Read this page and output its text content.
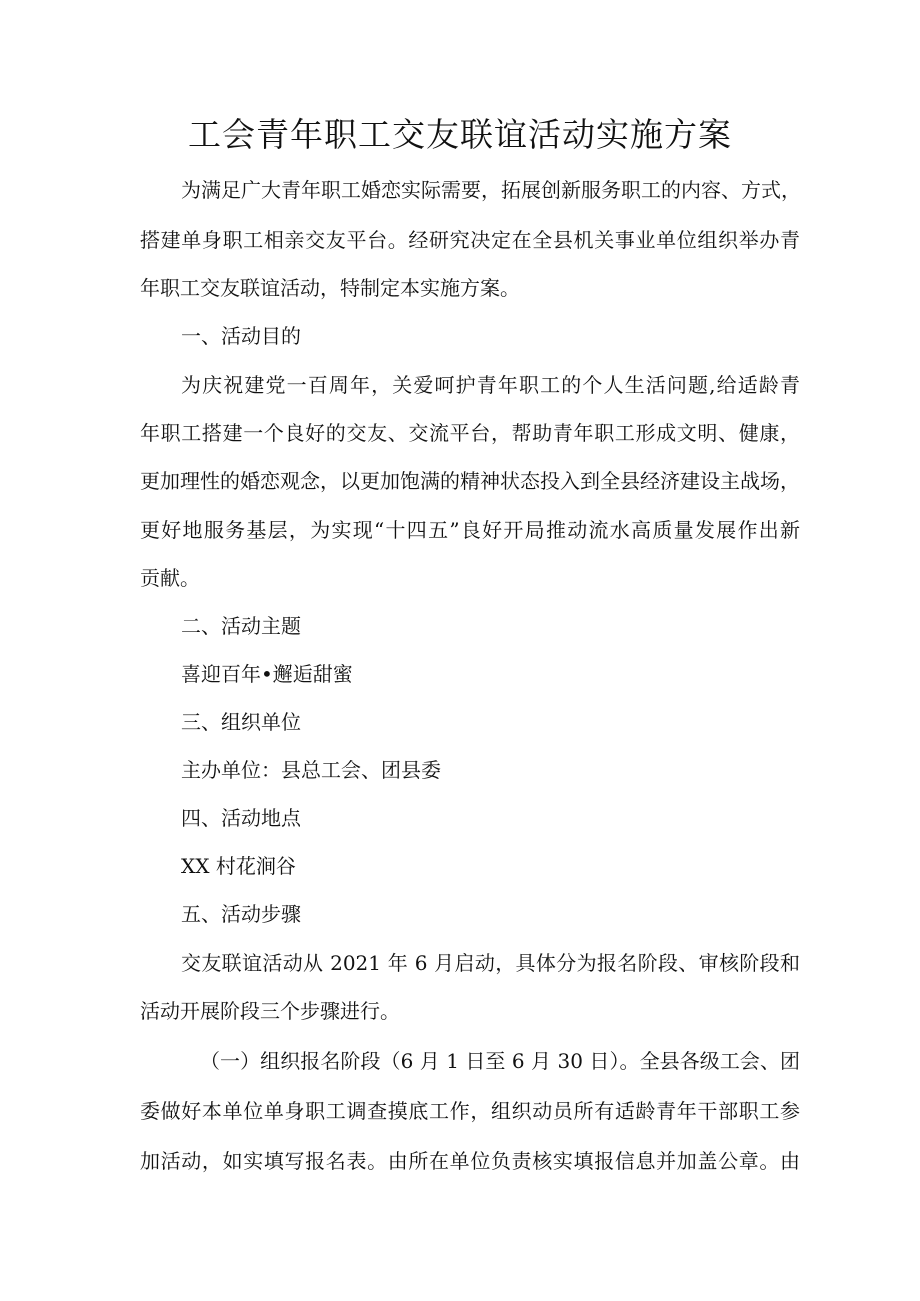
工会青年职工交友联谊活动实施方案
为满足广大青年职工婚恋实际需要，拓展创新服务职工的内容、方式，
搭建单身职工相亲交友平台。经研究决定在全县机关事业单位组织举办青
年职工交友联谊活动，特制定本实施方案。
一、活动目的
为庆祝建党一百周年，关爱呵护青年职工的个人生活问题,给适龄青
年职工搭建一个良好的交友、交流平台，帮助青年职工形成文明、健康，
更加理性的婚恋观念，以更加饱满的精神状态投入到全县经济建设主战场，
更好地服务基层，为实现“十四五”良好开局推动流水高质量发展作出新
贡献。
二、活动主题
喜迎百年•邂逅甜蜜
三、组织单位
主办单位：县总工会、团县委
四、活动地点
XX 村花涧谷
五、活动步骤
交友联谊活动从 2021 年 6 月启动，具体分为报名阶段、审核阶段和
活动开展阶段三个步骤进行。
（一）组织报名阶段（6 月 1 日至 6 月 30 日）。全县各级工会、团
委做好本单位单身职工调查摸底工作，组织动员所有适龄青年干部职工参
加活动，如实填写报名表。由所在单位负责核实填报信息并加盖公章。由
